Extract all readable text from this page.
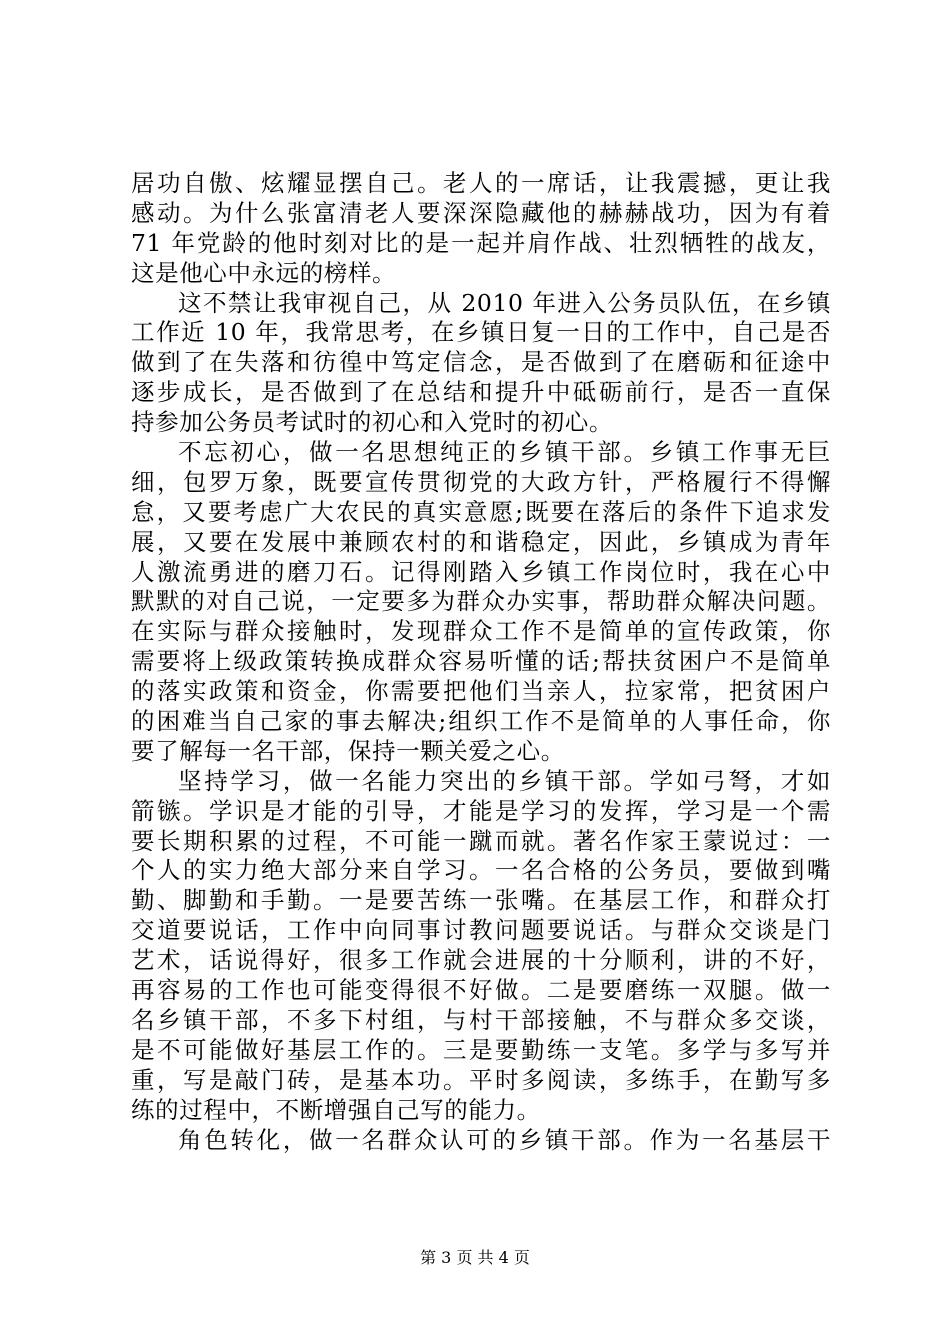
居功自傲、炫耀显摆自己。老人的一席话，让我震撼，更让我
感动。为什么张富清老人要深深隐藏他的赫赫战功，因为有着
71 年党龄的他时刻对比的是一起并肩作战、壮烈牺牲的战友，
这是他心中永远的榜样。
这不禁让我审视自己，从 2010 年进入公务员队伍，在乡镇
工作近 10 年，我常思考，在乡镇日复一日的工作中，自己是否
做到了在失落和彷徨中笃定信念，是否做到了在磨砺和征途中
逐步成长，是否做到了在总结和提升中砥砺前行，是否一直保
持参加公务员考试时的初心和入党时的初心。
不忘初心，做一名思想纯正的乡镇干部。乡镇工作事无巨
细，包罗万象，既要宣传贯彻党的大政方针，严格履行不得懈
怠，又要考虑广大农民的真实意愿;既要在落后的条件下追求发
展，又要在发展中兼顾农村的和谐稳定，因此，乡镇成为青年
人激流勇进的磨刀石。记得刚踏入乡镇工作岗位时，我在心中
默默的对自己说，一定要多为群众办实事，帮助群众解决问题。
在实际与群众接触时，发现群众工作不是简单的宣传政策，你
需要将上级政策转换成群众容易听懂的话;帮扶贫困户不是简单
的落实政策和资金，你需要把他们当亲人，拉家常，把贫困户
的困难当自己家的事去解决;组织工作不是简单的人事任命，你
要了解每一名干部，保持一颗关爱之心。
坚持学习，做一名能力突出的乡镇干部。学如弓弩，才如
箭镞。学识是才能的引导，才能是学习的发挥，学习是一个需
要长期积累的过程，不可能一蹴而就。著名作家王蒙说过：一
个人的实力绝大部分来自学习。一名合格的公务员，要做到嘴
勤、脚勤和手勤。一是要苦练一张嘴。在基层工作，和群众打
交道要说话，工作中向同事讨教问题要说话。与群众交谈是门
艺术，话说得好，很多工作就会进展的十分顺利，讲的不好，
再容易的工作也可能变得很不好做。二是要磨练一双腿。做一
名乡镇干部，不多下村组，与村干部接触，不与群众多交谈，
是不可能做好基层工作的。三是要勤练一支笔。多学与多写并
重，写是敲门砖，是基本功。平时多阅读，多练手，在勤写多
练的过程中，不断增强自己写的能力。
角色转化，做一名群众认可的乡镇干部。作为一名基层干
第 3 页 共 4 页
